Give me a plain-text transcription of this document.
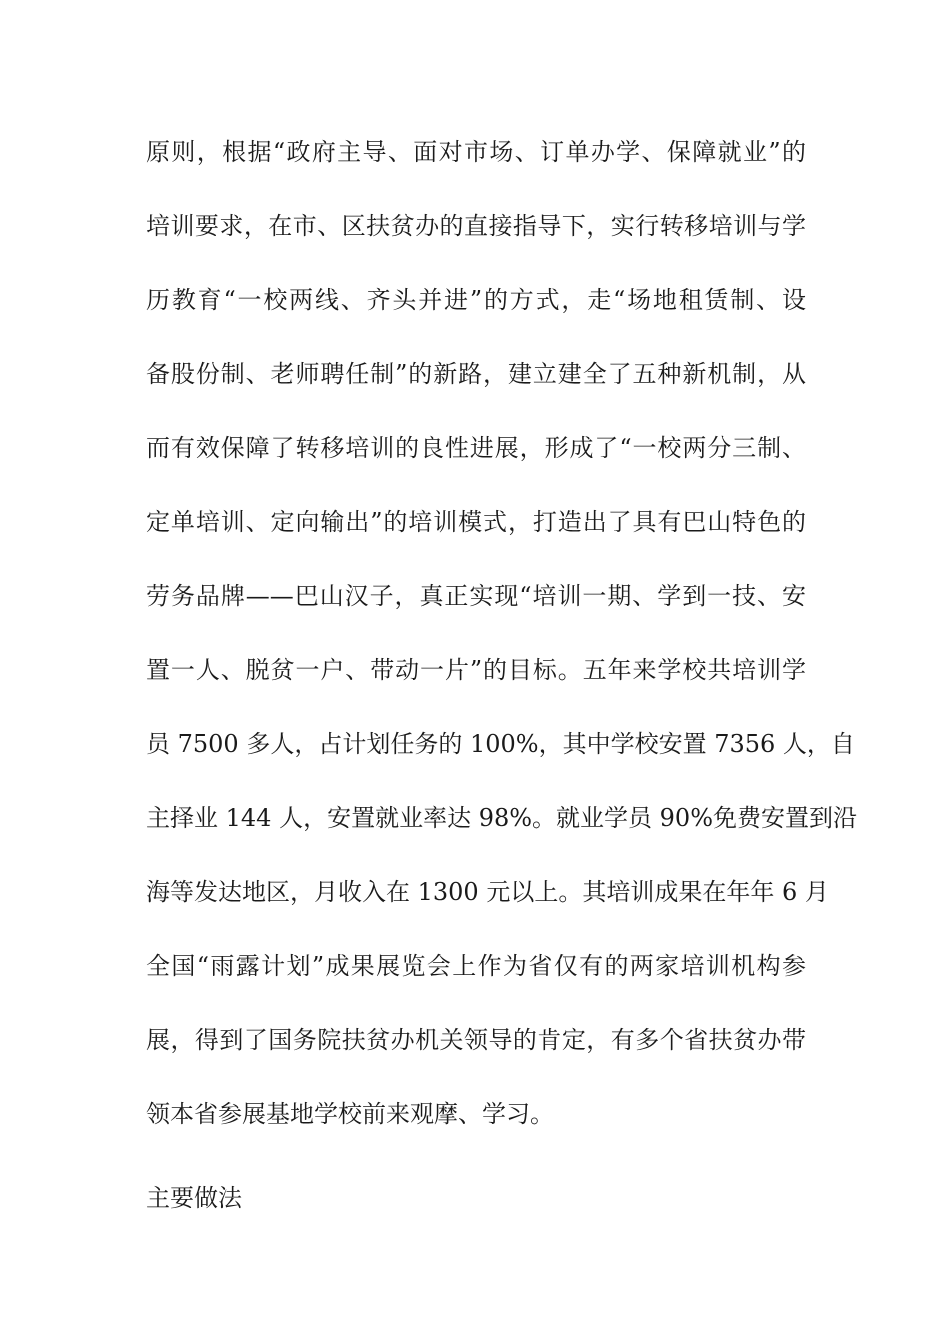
原则，根据“政府主导、面对市场、订单办学、保障就业”的
培训要求，在市、区扶贫办的直接指导下，实行转移培训与学
历教育“一校两线、齐头并进”的方式，走“场地租赁制、设
备股份制、老师聘任制”的新路，建立建全了五种新机制，从
而有效保障了转移培训的良性进展，形成了“一校两分三制、
定单培训、定向输出”的培训模式，打造出了具有巴山特色的
劳务品牌——巴山汉子，真正实现“培训一期、学到一技、安
置一人、脱贫一户、带动一片”的目标。五年来学校共培训学
员 7500 多人，占计划任务的 100%，其中学校安置 7356 人，自
主择业 144 人，安置就业率达 98%。就业学员 90%免费安置到沿
海等发达地区，月收入在 1300 元以上。其培训成果在年年 6 月
全国“雨露计划”成果展览会上作为省仅有的两家培训机构参
展，得到了国务院扶贫办机关领导的肯定，有多个省扶贫办带
领本省参展基地学校前来观摩、学习。
主要做法
